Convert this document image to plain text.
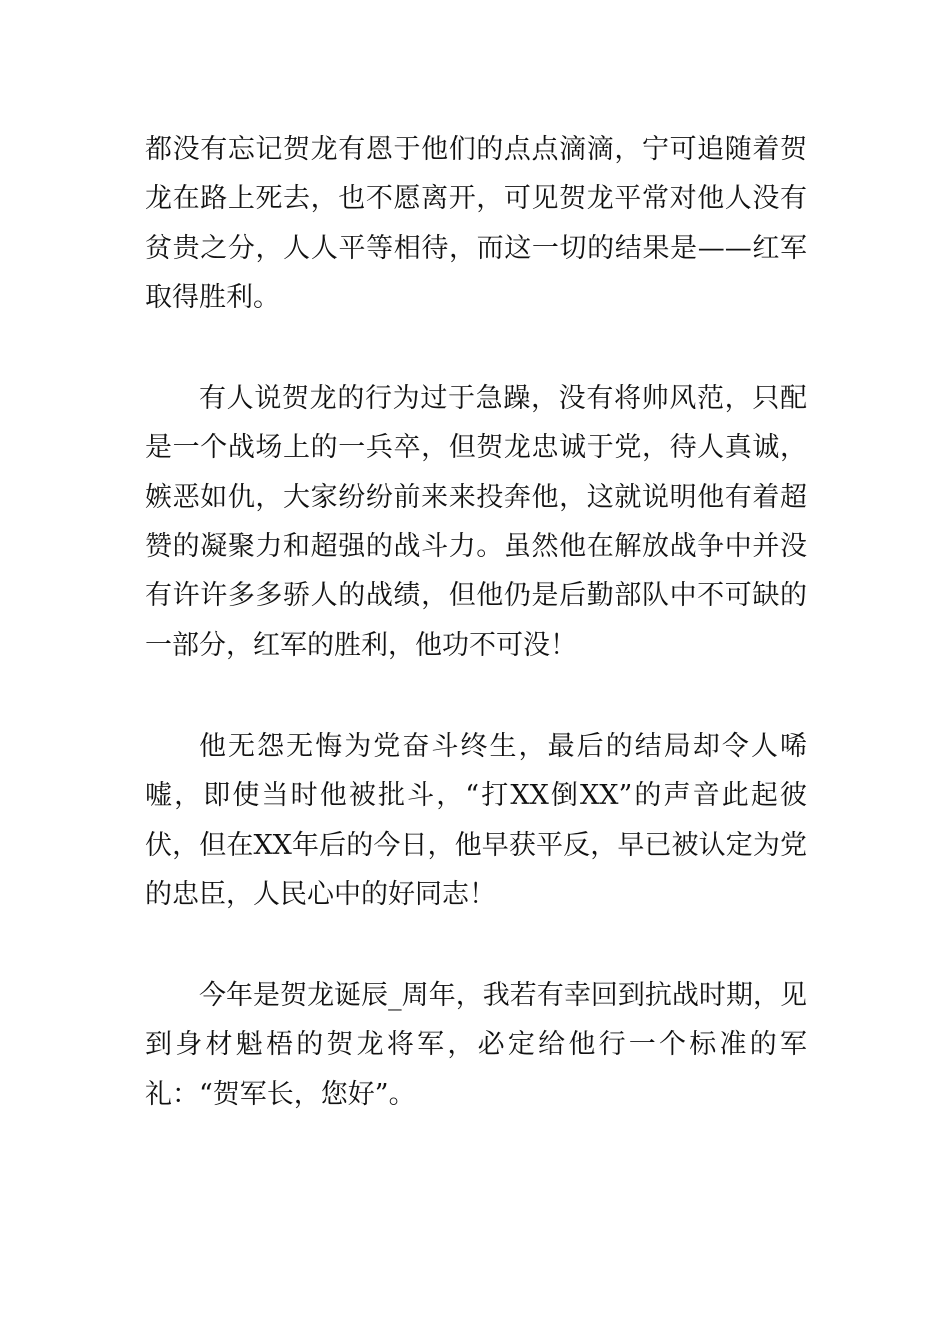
都没有忘记贺龙有恩于他们的点点滴滴，宁可追随着贺龙在路上死去，也不愿离开，可见贺龙平常对他人没有贫贵之分，人人平等相待，而这一切的结果是——红军取得胜利。

有人说贺龙的行为过于急躁，没有将帅风范，只配是一个战场上的一兵卒，但贺龙忠诚于党，待人真诚，嫉恶如仇，大家纷纷前来来投奔他，这就说明他有着超赞的凝聚力和超强的战斗力。虽然他在解放战争中并没有许许多多骄人的战绩，但他仍是后勤部队中不可缺的一部分，红军的胜利，他功不可没！

他无怨无悔为党奋斗终生，最后的结局却令人唏嘘，即使当时他被批斗，“打XX倒XX”的声音此起彼伏，但在XX年后的今日，他早获平反，早已被认定为党的忠臣，人民心中的好同志！

今年是贺龙诞辰_周年，我若有幸回到抗战时期，见到身材魁梧的贺龙将军，必定给他行一个标准的军礼：“贺军长，您好”。
